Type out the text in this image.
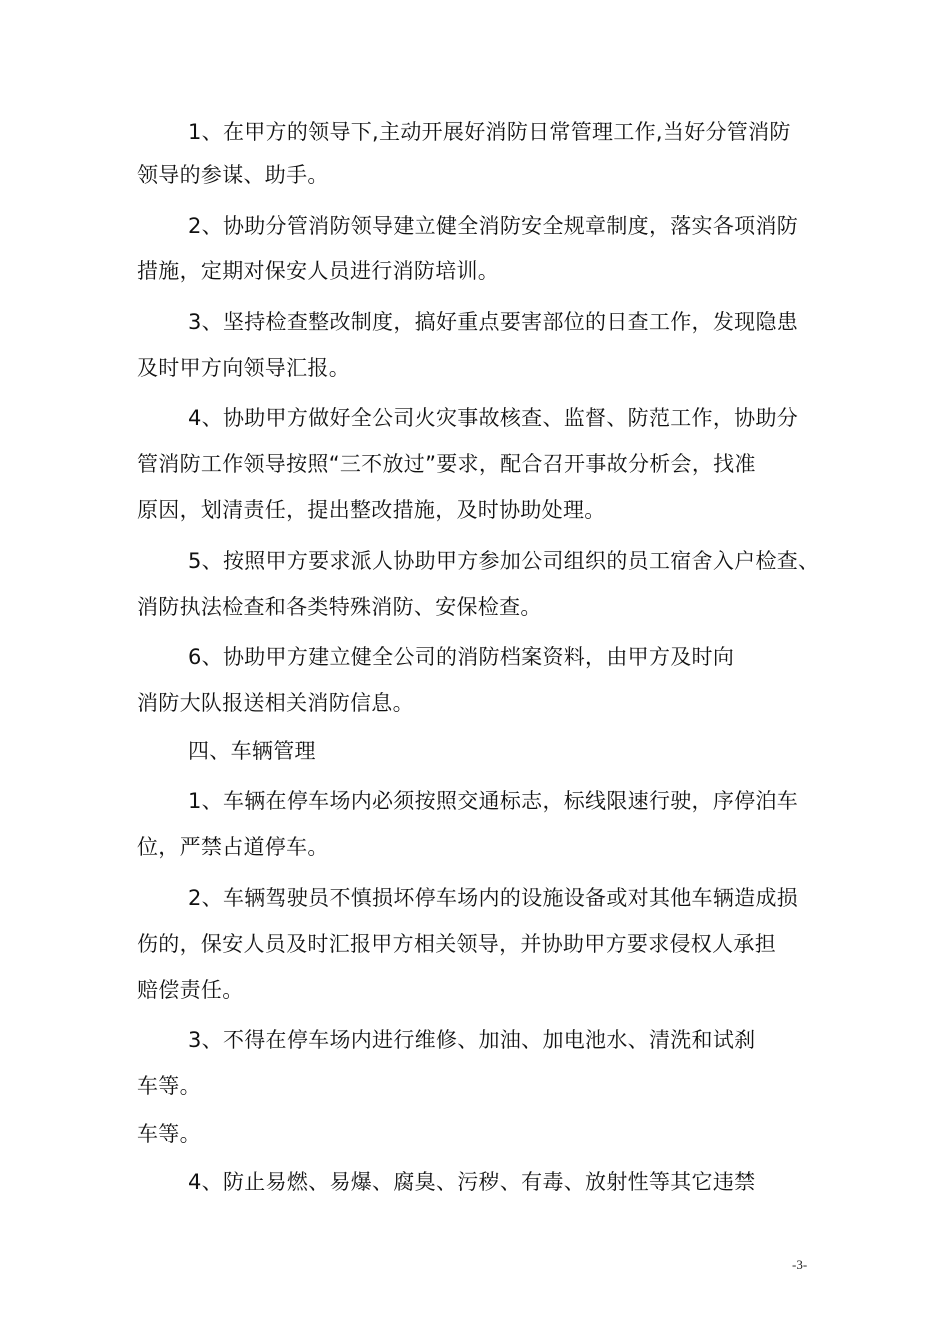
1、在甲方的领导下,主动开展好消防日常管理工作,当好分管消防
领导的参谋、助手。
2、协助分管消防领导建立健全消防安全规章制度，落实各项消防
措施，定期对保安人员进行消防培训。
3、坚持检查整改制度，搞好重点要害部位的日查工作，发现隐患
及时甲方向领导汇报。
4、协助甲方做好全公司火灾事故核查、监督、防范工作，协助分
管消防工作领导按照“三不放过”要求，配合召开事故分析会，找准
原因，划清责任，提出整改措施，及时协助处理。
5、按照甲方要求派人协助甲方参加公司组织的员工宿舍入户检查、
消防执法检查和各类特殊消防、安保检查。
6、协助甲方建立健全公司的消防档案资料，由甲方及时向
消防大队报送相关消防信息。
四、车辆管理
1、车辆在停车场内必须按照交通标志，标线限速行驶，序停泊车
位，严禁占道停车。
2、车辆驾驶员不慎损坏停车场内的设施设备或对其他车辆造成损
伤的，保安人员及时汇报甲方相关领导，并协助甲方要求侵权人承担
赔偿责任。
3、不得在停车场内进行维修、加油、加电池水、清洗和试刹
车等。
车等。
4、防止易燃、易爆、腐臭、污秽、有毒、放射性等其它违禁
-3-
